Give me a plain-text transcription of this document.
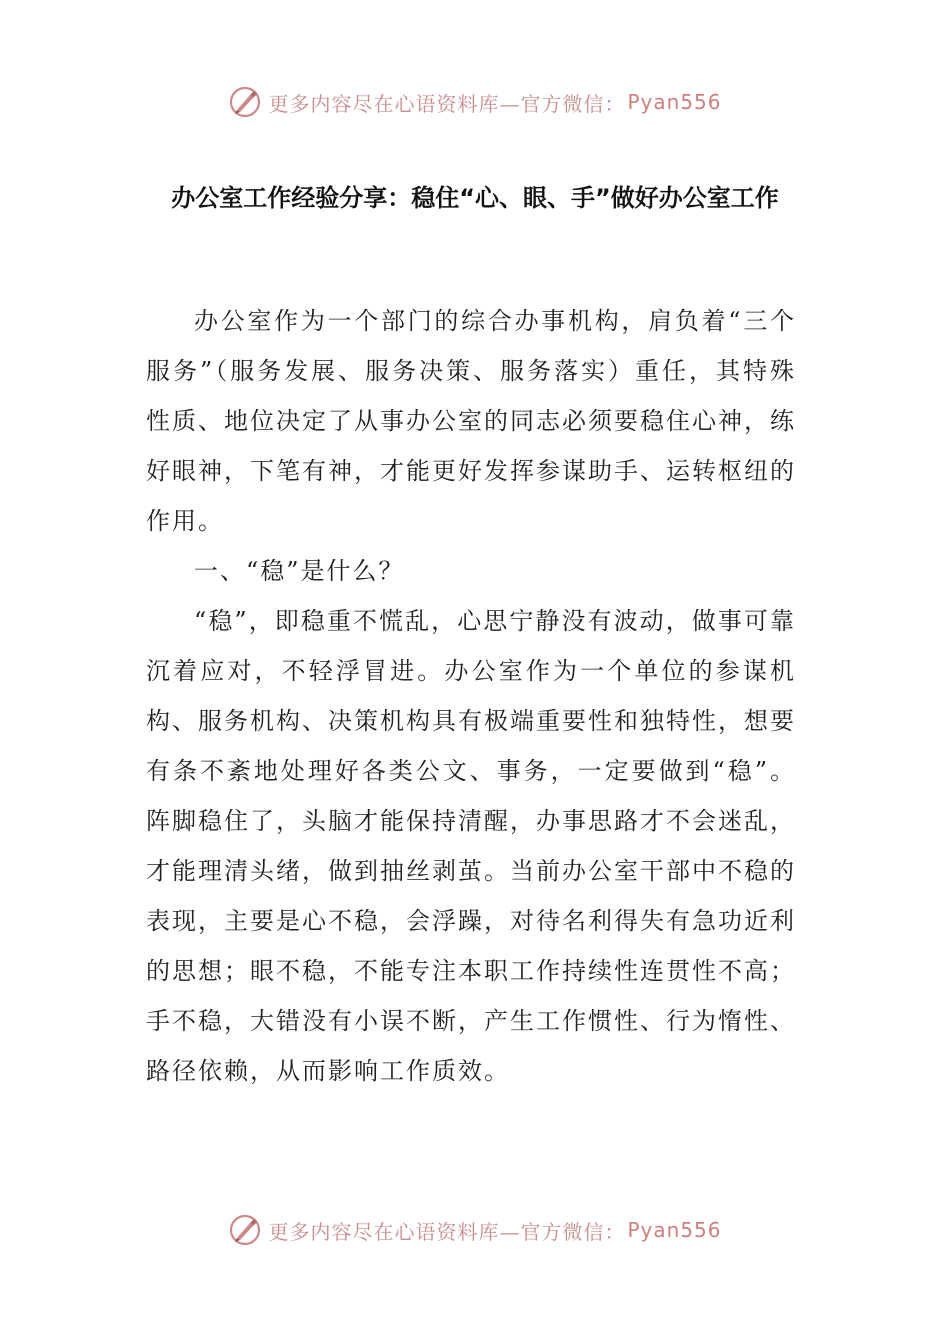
更多内容尽在心语资料库—官方微信： Pyan556
办公室工作经验分享：稳住“心、眼、手”做好办公室工作

办公室作为一个部门的综合办事机构，肩负着“三个服务”（服务发展、服务决策、服务落实）重任，其特殊性质、地位决定了从事办公室的同志必须要稳住心神，练好眼神，下笔有神，才能更好发挥参谋助手、运转枢纽的作用。

一、“稳”是什么？

“稳”，即稳重不慌乱，心思宁静没有波动，做事可靠沉着应对，不轻浮冒进。办公室作为一个单位的参谋机构、服务机构、决策机构具有极端重要性和独特性，想要有条不紊地处理好各类公文、事务，一定要做到“稳”。阵脚稳住了，头脑才能保持清醒，办事思路才不会迷乱，才能理清头绪，做到抽丝剥茧。当前办公室干部中不稳的表现，主要是心不稳，会浮躁，对待名利得失有急功近利的思想；眼不稳，不能专注本职工作持续性连贯性不高；手不稳，大错没有小误不断，产生工作惯性、行为惰性、路径依赖，从而影响工作质效。

更多内容尽在心语资料库—官方微信： Pyan556
